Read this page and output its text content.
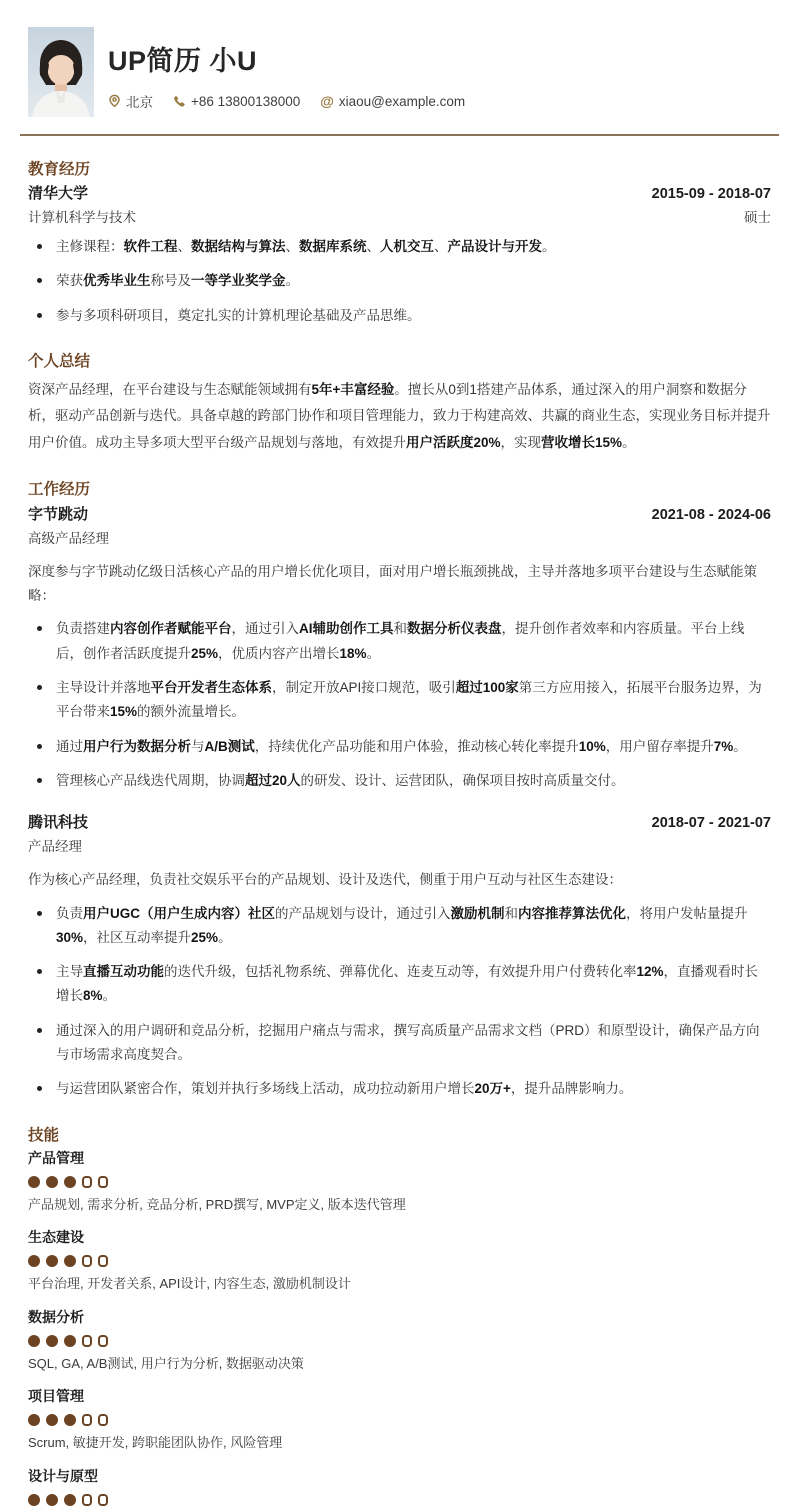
UP简历 小U
北京	+86 13800138000 @ xiaou@example.com
教育经历
清华大学	2015-09 - 2018-07
计算机科学与技术	硕士
主修课程：软件工程、数据结构与算法、数据库系统、人机交互、产品设计与开发。
荣获优秀毕业生称号及一等学业奖学金。
参与多项科研项目，奠定扎实的计算机理论基础及产品思维。
个人总结

资深产品经理，在平台建设与生态赋能领域拥有5年+丰富经验。擅长从0到1搭建产品体系，通过深入的用户洞察和数据分析，驱动产品创新与迭代。具备卓越的跨部门协作和项目管理能力，致力于构建高效、共赢的商业生态，实现业务目标并提升用户价值。成功主导多项大型平台级产品规划与落地，有效提升用户活跃度20%，实现营收增长15%。

工作经历
字节跳动	2021-08 - 2024-06
高级产品经理

深度参与字节跳动亿级日活核心产品的用户增长优化项目，面对用户增长瓶颈挑战，主导并落地多项平台建设与生态赋能策略：

负责搭建内容创作者赋能平台，通过引入AI辅助创作工具和数据分析仪表盘，提升创作者效率和内容质量。平台上线后，创作者活跃度提升25%，优质内容产出增长18%。
主导设计并落地平台开发者生态体系，制定开放API接口规范，吸引超过100家第三方应用接入，拓展平台服务边界，为平台带来15%的额外流量增长。
通过用户行为数据分析与A/B测试，持续优化产品功能和用户体验，推动核心转化率提升10%，用户留存率提升7%。
管理核心产品线迭代周期，协调超过20人的研发、设计、运营团队，确保项目按时高质量交付。
腾讯科技	2018-07 - 2021-07
产品经理

作为核心产品经理，负责社交娱乐平台的产品规划、设计及迭代，侧重于用户互动与社区生态建设：

负责用户UGC（用户生成内容）社区的产品规划与设计，通过引入激励机制和内容推荐算法优化，将用户发帖量提升30%，社区互动率提升25%。
主导直播互动功能的迭代升级，包括礼物系统、弹幕优化、连麦互动等，有效提升用户付费转化率12%，直播观看时长增长8%。
通过深入的用户调研和竞品分析，挖掘用户痛点与需求，撰写高质量产品需求文档（PRD）和原型设计，确保产品方向与市场需求高度契合。
与运营团队紧密合作，策划并执行多场线上活动，成功拉动新用户增长20万+，提升品牌影响力。
技能
产品管理
产品规划, 需求分析, 竞品分析, PRD撰写, MVP定义, 版本迭代管理
生态建设
平台治理, 开发者关系, API设计, 内容生态, 激励机制设计
数据分析
SQL, GA, A/B测试, 用户行为分析, 数据驱动决策
项目管理
Scrum, 敏捷开发, 跨职能团队协作, 风险管理
设计与原型
